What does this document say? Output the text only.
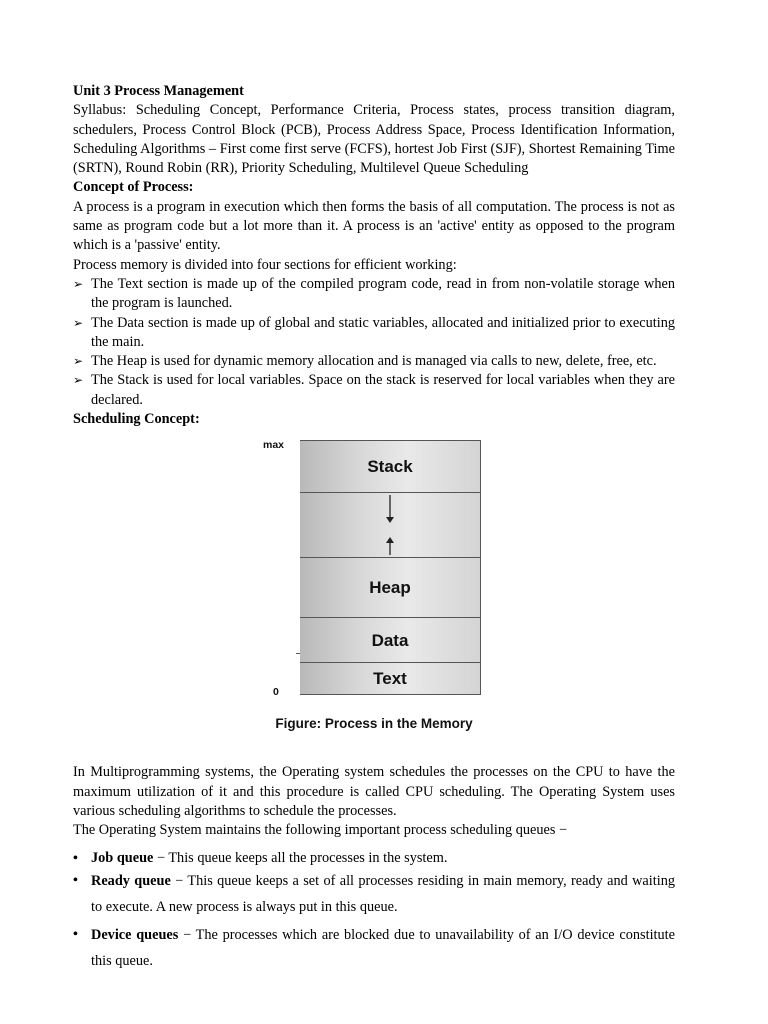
Unit 3 Process Management

Syllabus: Scheduling Concept, Performance Criteria, Process states, process transition diagram, schedulers, Process Control Block (PCB), Process Address Space, Process Identification Information, Scheduling Algorithms – First come first serve (FCFS), hortest Job First (SJF), Shortest Remaining Time (SRTN), Round Robin (RR), Priority Scheduling, Multilevel Queue Scheduling

Concept of Process:

A process is a program in execution which then forms the basis of all computation. The process is not as same as program code but a lot more than it. A process is an 'active' entity as opposed to the program which is a 'passive' entity.

Process memory is divided into four sections for efficient working:

➢ The Text section is made up of the compiled program code, read in from non-volatile storage when the program is launched.
➢ The Data section is made up of global and static variables, allocated and initialized prior to executing the main.
➢ The Heap is used for dynamic memory allocation and is managed via calls to new, delete, free, etc.
➢ The Stack is used for local variables. Space on the stack is reserved for local variables when they are declared.

Scheduling Concept:

max
0
Stack
Heap
Data
Text
Figure: Process in the Memory

In Multiprogramming systems, the Operating system schedules the processes on the CPU to have the maximum utilization of it and this procedure is called CPU scheduling. The Operating System uses various scheduling algorithms to schedule the processes.

The Operating System maintains the following important process scheduling queues −

• Job queue − This queue keeps all the processes in the system.
• Ready queue − This queue keeps a set of all processes residing in main memory, ready and waiting to execute. A new process is always put in this queue.
• Device queues − The processes which are blocked due to unavailability of an I/O device constitute this queue.
